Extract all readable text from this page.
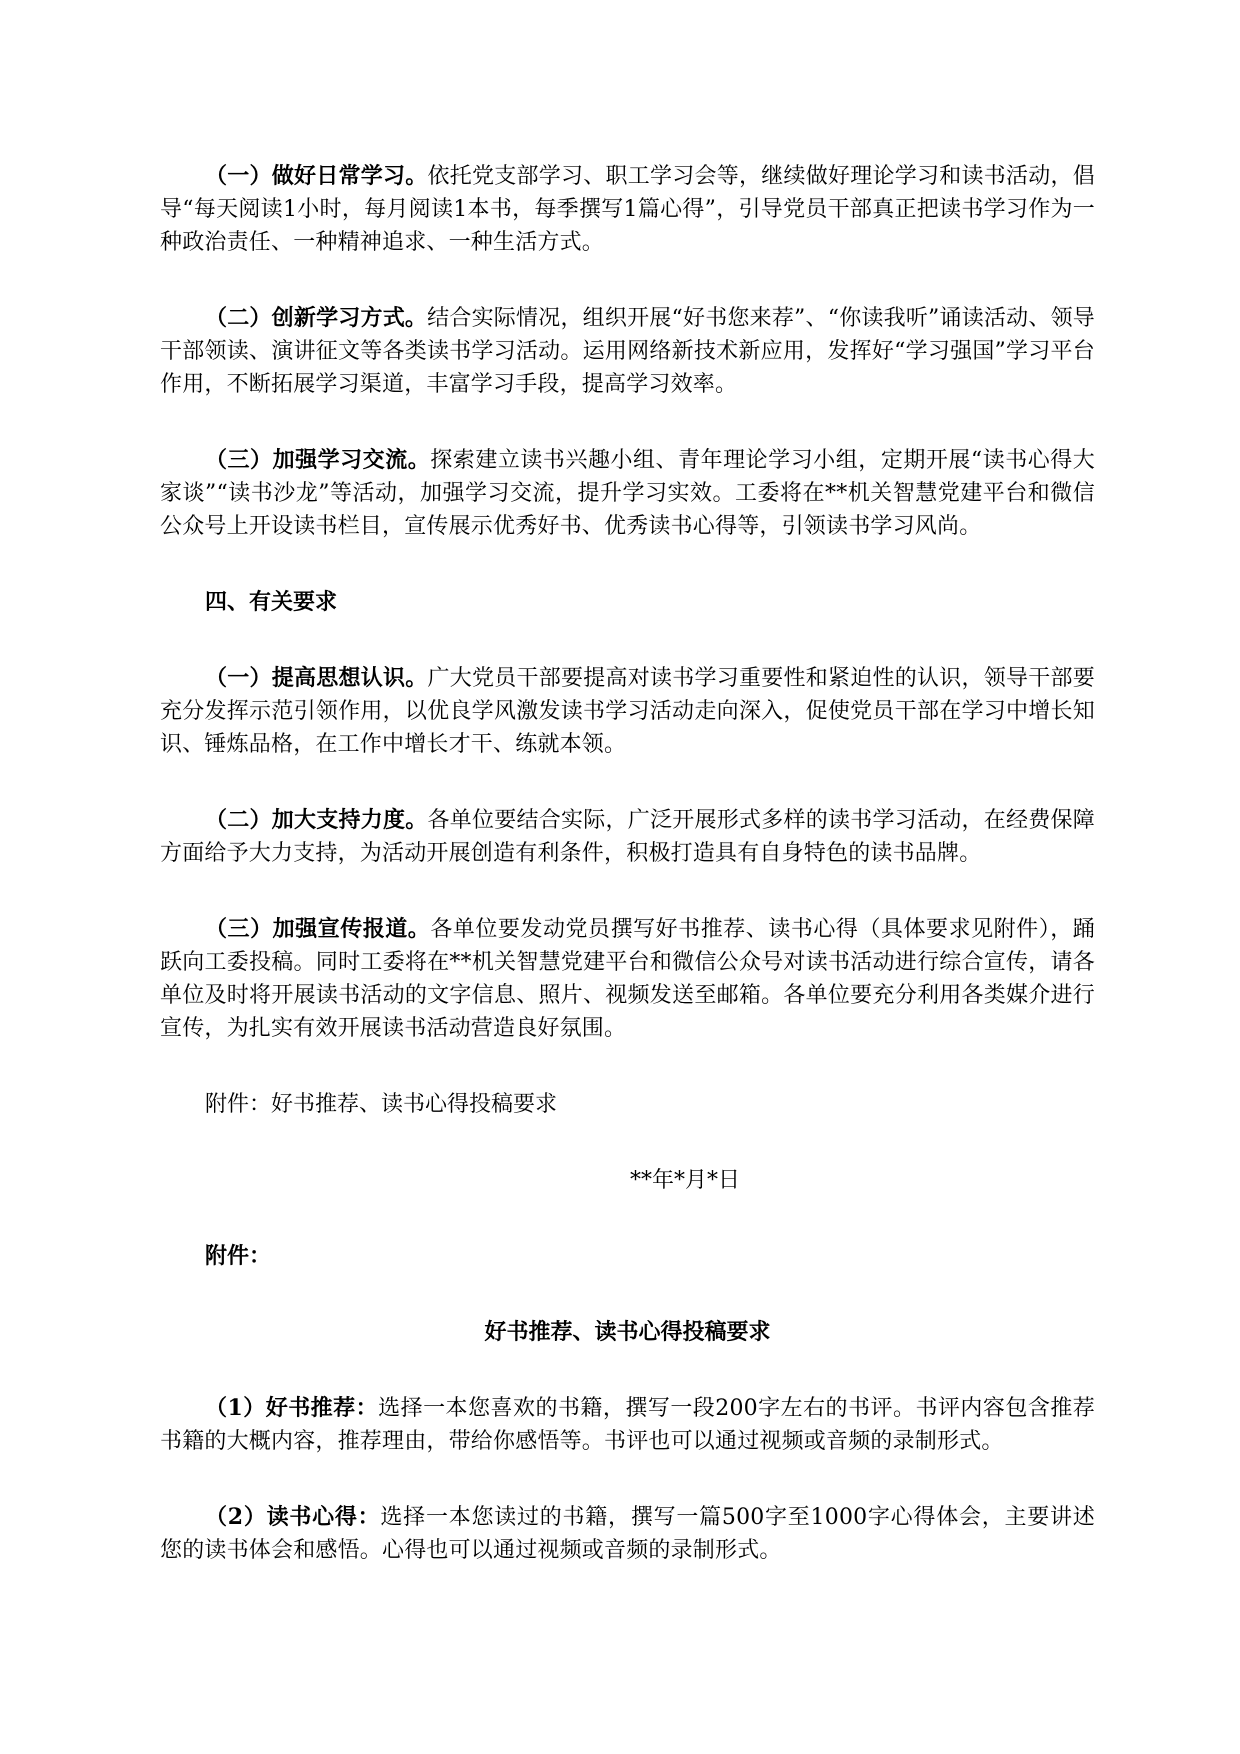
（一）做好日常学习。依托党支部学习、职工学习会等，继续做好理论学习和读书活动，倡导“每天阅读1小时，每月阅读1本书，每季撰写1篇心得”，引导党员干部真正把读书学习作为一种政治责任、一种精神追求、一种生活方式。

（二）创新学习方式。结合实际情况，组织开展“好书您来荐”、“你读我听”诵读活动、领导干部领读、演讲征文等各类读书学习活动。运用网络新技术新应用，发挥好“学习强国”学习平台作用，不断拓展学习渠道，丰富学习手段，提高学习效率。

（三）加强学习交流。探索建立读书兴趣小组、青年理论学习小组，定期开展“读书心得大家谈”“读书沙龙”等活动，加强学习交流，提升学习实效。工委将在**机关智慧党建平台和微信公众号上开设读书栏目，宣传展示优秀好书、优秀读书心得等，引领读书学习风尚。

四、有关要求

（一）提高思想认识。广大党员干部要提高对读书学习重要性和紧迫性的认识，领导干部要充分发挥示范引领作用，以优良学风激发读书学习活动走向深入，促使党员干部在学习中增长知识、锤炼品格，在工作中增长才干、练就本领。

（二）加大支持力度。各单位要结合实际，广泛开展形式多样的读书学习活动，在经费保障方面给予大力支持，为活动开展创造有利条件，积极打造具有自身特色的读书品牌。

（三）加强宣传报道。各单位要发动党员撰写好书推荐、读书心得（具体要求见附件），踊跃向工委投稿。同时工委将在**机关智慧党建平台和微信公众号对读书活动进行综合宣传，请各单位及时将开展读书活动的文字信息、照片、视频发送至邮箱。各单位要充分利用各类媒介进行宣传，为扎实有效开展读书活动营造良好氛围。

附件：好书推荐、读书心得投稿要求

**年*月*日

附件：

好书推荐、读书心得投稿要求

（1）好书推荐：选择一本您喜欢的书籍，撰写一段200字左右的书评。书评内容包含推荐书籍的大概内容，推荐理由，带给你感悟等。书评也可以通过视频或音频的录制形式。

（2）读书心得：选择一本您读过的书籍，撰写一篇500字至1000字心得体会，主要讲述您的读书体会和感悟。心得也可以通过视频或音频的录制形式。
